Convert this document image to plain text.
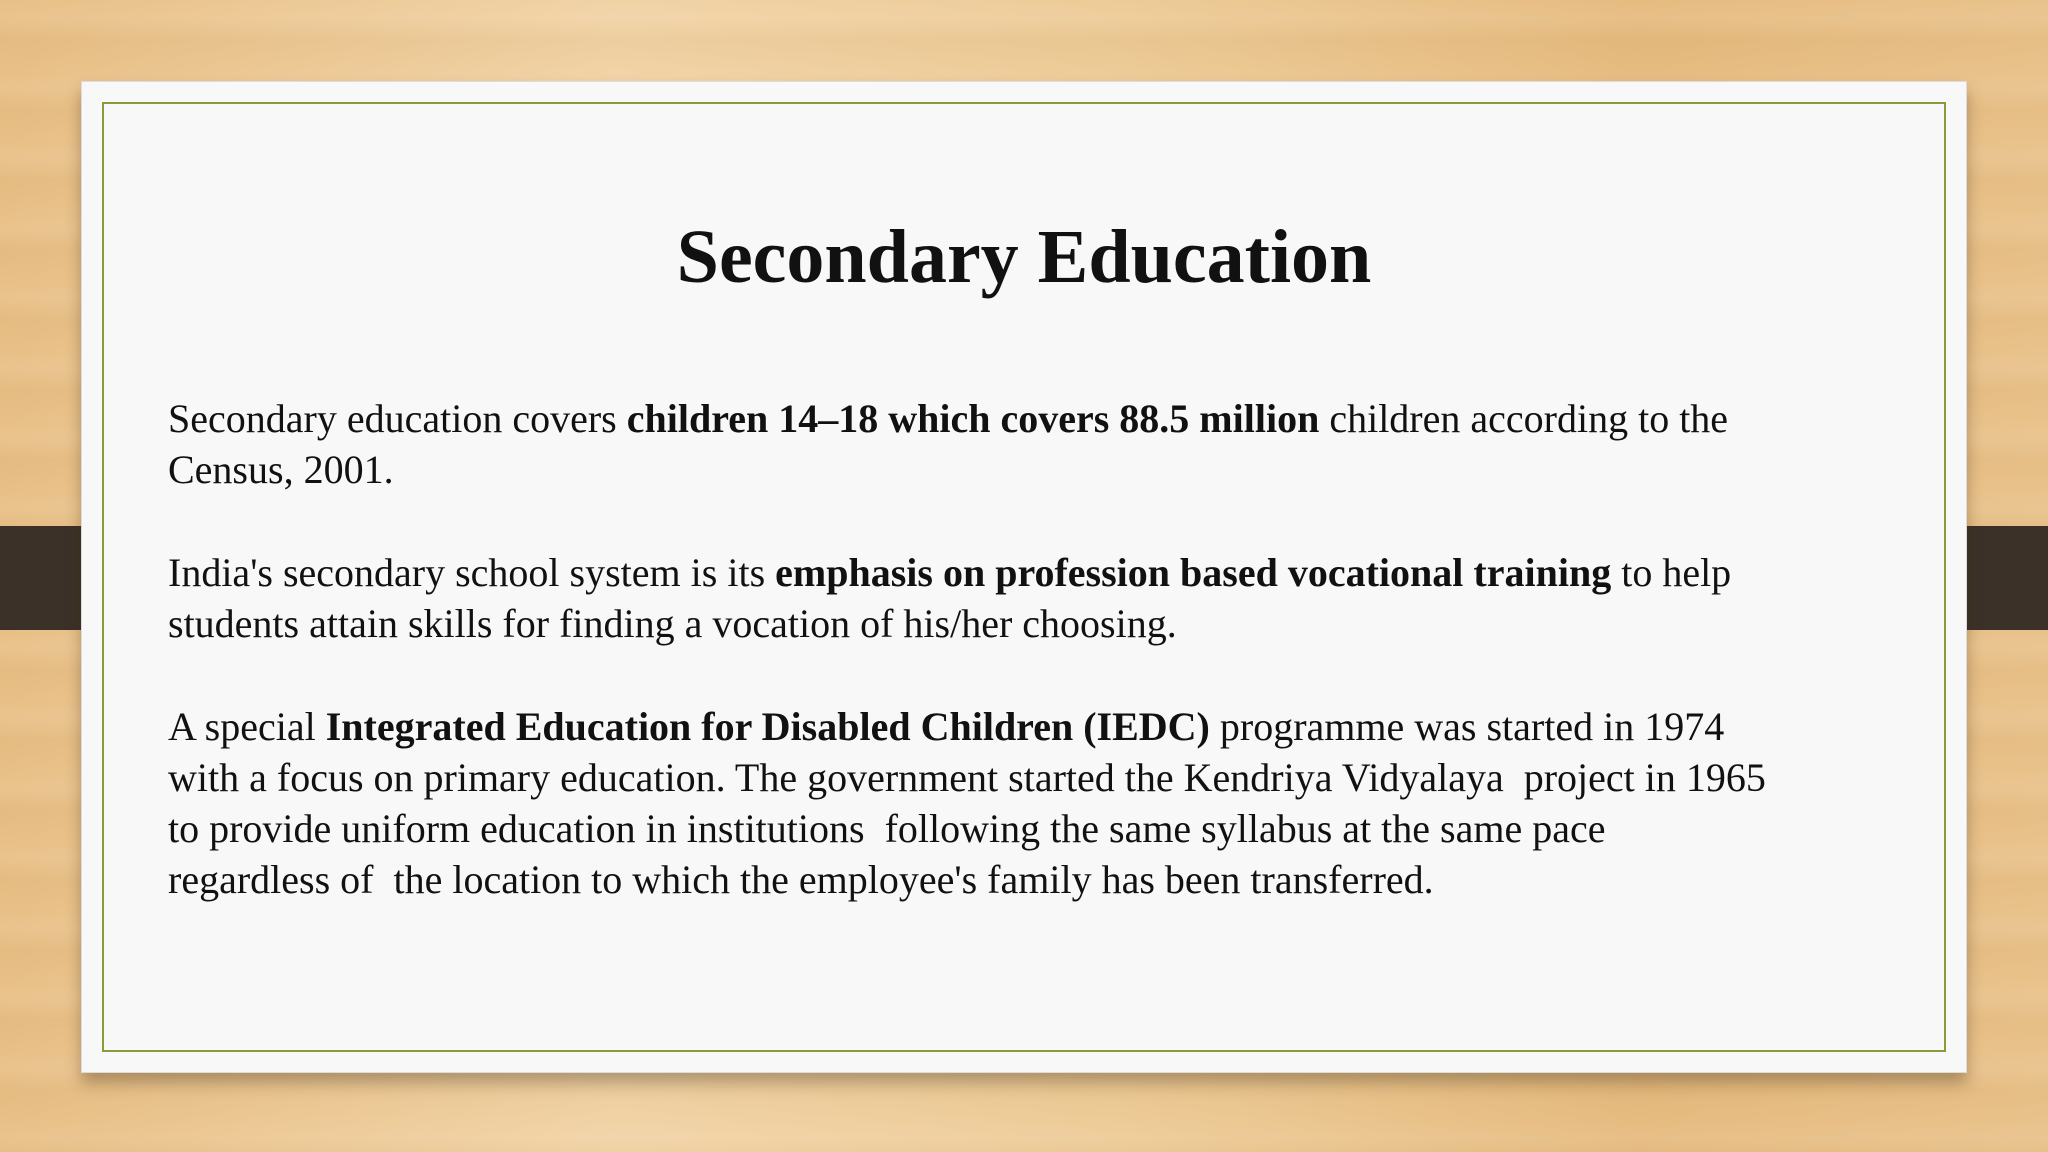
Secondary Education
Secondary education covers children 14–18 which covers 88.5 million children according to the
Census, 2001.
India's secondary school system is its emphasis on profession based vocational training to help
students attain skills for finding a vocation of his/her choosing.
A special Integrated Education for Disabled Children (IEDC) programme was started in 1974
with a focus on primary education. The government started the Kendriya Vidyalaya  project in 1965
to provide uniform education in institutions  following the same syllabus at the same pace
regardless of  the location to which the employee's family has been transferred.
